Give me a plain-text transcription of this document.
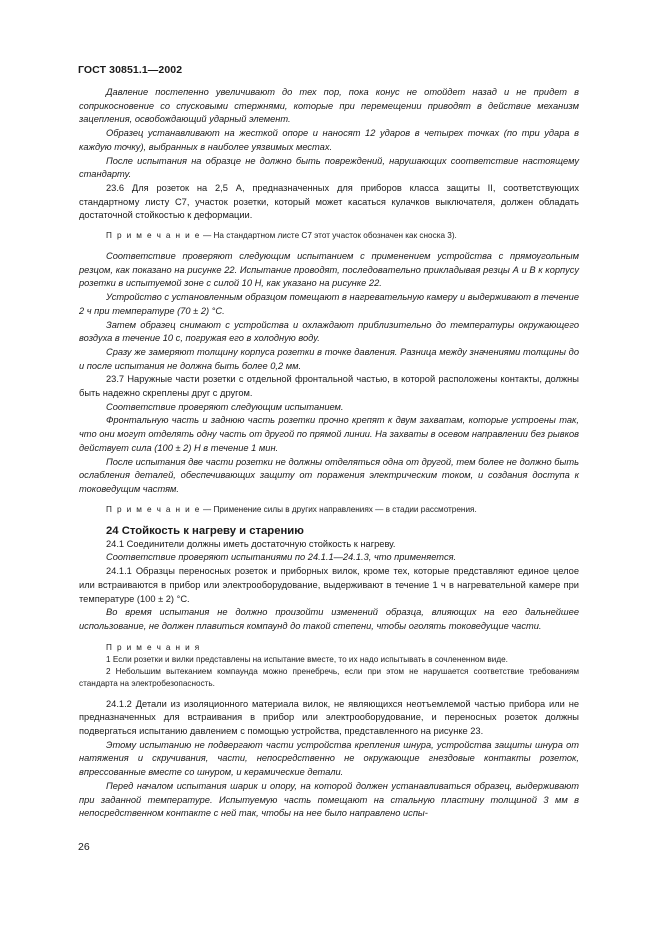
ГОСТ 30851.1—2002

Давление постепенно увеличивают до тех пор, пока конус не отойдет назад и не придет в соприкосновение со спусковыми стержнями, которые при перемещении приводят в действие механизм зацепления, освобождающий ударный элемент.

Образец устанавливают на жесткой опоре и наносят 12 ударов в четырех точках (по три удара в каждую точку), выбранных в наиболее уязвимых местах.

После испытания на образце не должно быть повреждений, нарушающих соответствие настоящему стандарту.

23.6 Для розеток на 2,5 А, предназначенных для приборов класса защиты II, соответствующих стандартному листу С7, участок розетки, который может касаться кулачков выключателя, должен обладать достаточной стойкостью к деформации.

П р и м е ч а н и е — На стандартном листе С7 этот участок обозначен как сноска 3).

Соответствие проверяют следующим испытанием с применением устройства с прямоугольным резцом, как показано на рисунке 22. Испытание проводят, последовательно прикладывая резцы А и В к корпусу розетки в испытуемой зоне с силой 10 Н, как указано на рисунке 22.

Устройство с установленным образцом помещают в нагревательную камеру и выдерживают в течение 2 ч при температуре (70 ± 2) °С.

Затем образец снимают с устройства и охлаждают приблизительно до температуры окружающего воздуха в течение 10 с, погружая его в холодную воду.

Сразу же замеряют толщину корпуса розетки в точке давления. Разница между значениями толщины до и после испытания не должна быть более 0,2 мм.

23.7 Наружные части розетки с отдельной фронтальной частью, в которой расположены контакты, должны быть надежно скреплены друг с другом.

Соответствие проверяют следующим испытанием.

Фронтальную часть и заднюю часть розетки прочно крепят к двум захватам, которые устроены так, что они могут отделять одну часть от другой по прямой линии. На захваты в осевом направлении без рывков действует сила (100 ± 2) Н в течение 1 мин.

После испытания две части розетки не должны отделяться одна от другой, тем более не должно быть ослабления деталей, обеспечивающих защиту от поражения электрическим током, и создания доступа к токоведущим частям.

П р и м е ч а н и е — Применение силы в других направлениях — в стадии рассмотрения.

24 Стойкость к нагреву и старению

24.1 Соединители должны иметь достаточную стойкость к нагреву.

Соответствие проверяют испытаниями по 24.1.1—24.1.3, что применяется.

24.1.1 Образцы переносных розеток и приборных вилок, кроме тех, которые представляют единое целое или встраиваются в прибор или электрооборудование, выдерживают в течение 1 ч в нагревательной камере при температуре (100 ± 2) °С.

Во время испытания не должно произойти изменений образца, влияющих на его дальнейшее использование, не должен плавиться компаунд до такой степени, чтобы оголять токоведущие части.

П р и м е ч а н и я

1 Если розетки и вилки представлены на испытание вместе, то их надо испытывать в сочлененном виде.

2 Небольшим вытеканием компаунда можно пренебречь, если при этом не нарушается соответствие требованиям стандарта на электробезопасность.

24.1.2 Детали из изоляционного материала вилок, не являющихся неотъемлемой частью прибора или не предназначенных для встраивания в прибор или электрооборудование, и переносных розеток должны подвергаться испытанию давлением с помощью устройства, представленного на рисунке 23.

Этому испытанию не подвергают части устройства крепления шнура, устройства защиты шнура от натяжения и скручивания, части, непосредственно не окружающие гнездовые контакты розеток, впрессованные вместе со шнуром, и керамические детали.

Перед началом испытания шарик и опору, на которой должен устанавливаться образец, выдерживают при заданной температуре. Испытуемую часть помещают на стальную пластину толщиной 3 мм в непосредственном контакте с ней так, чтобы на нее было направлено испы-

26
